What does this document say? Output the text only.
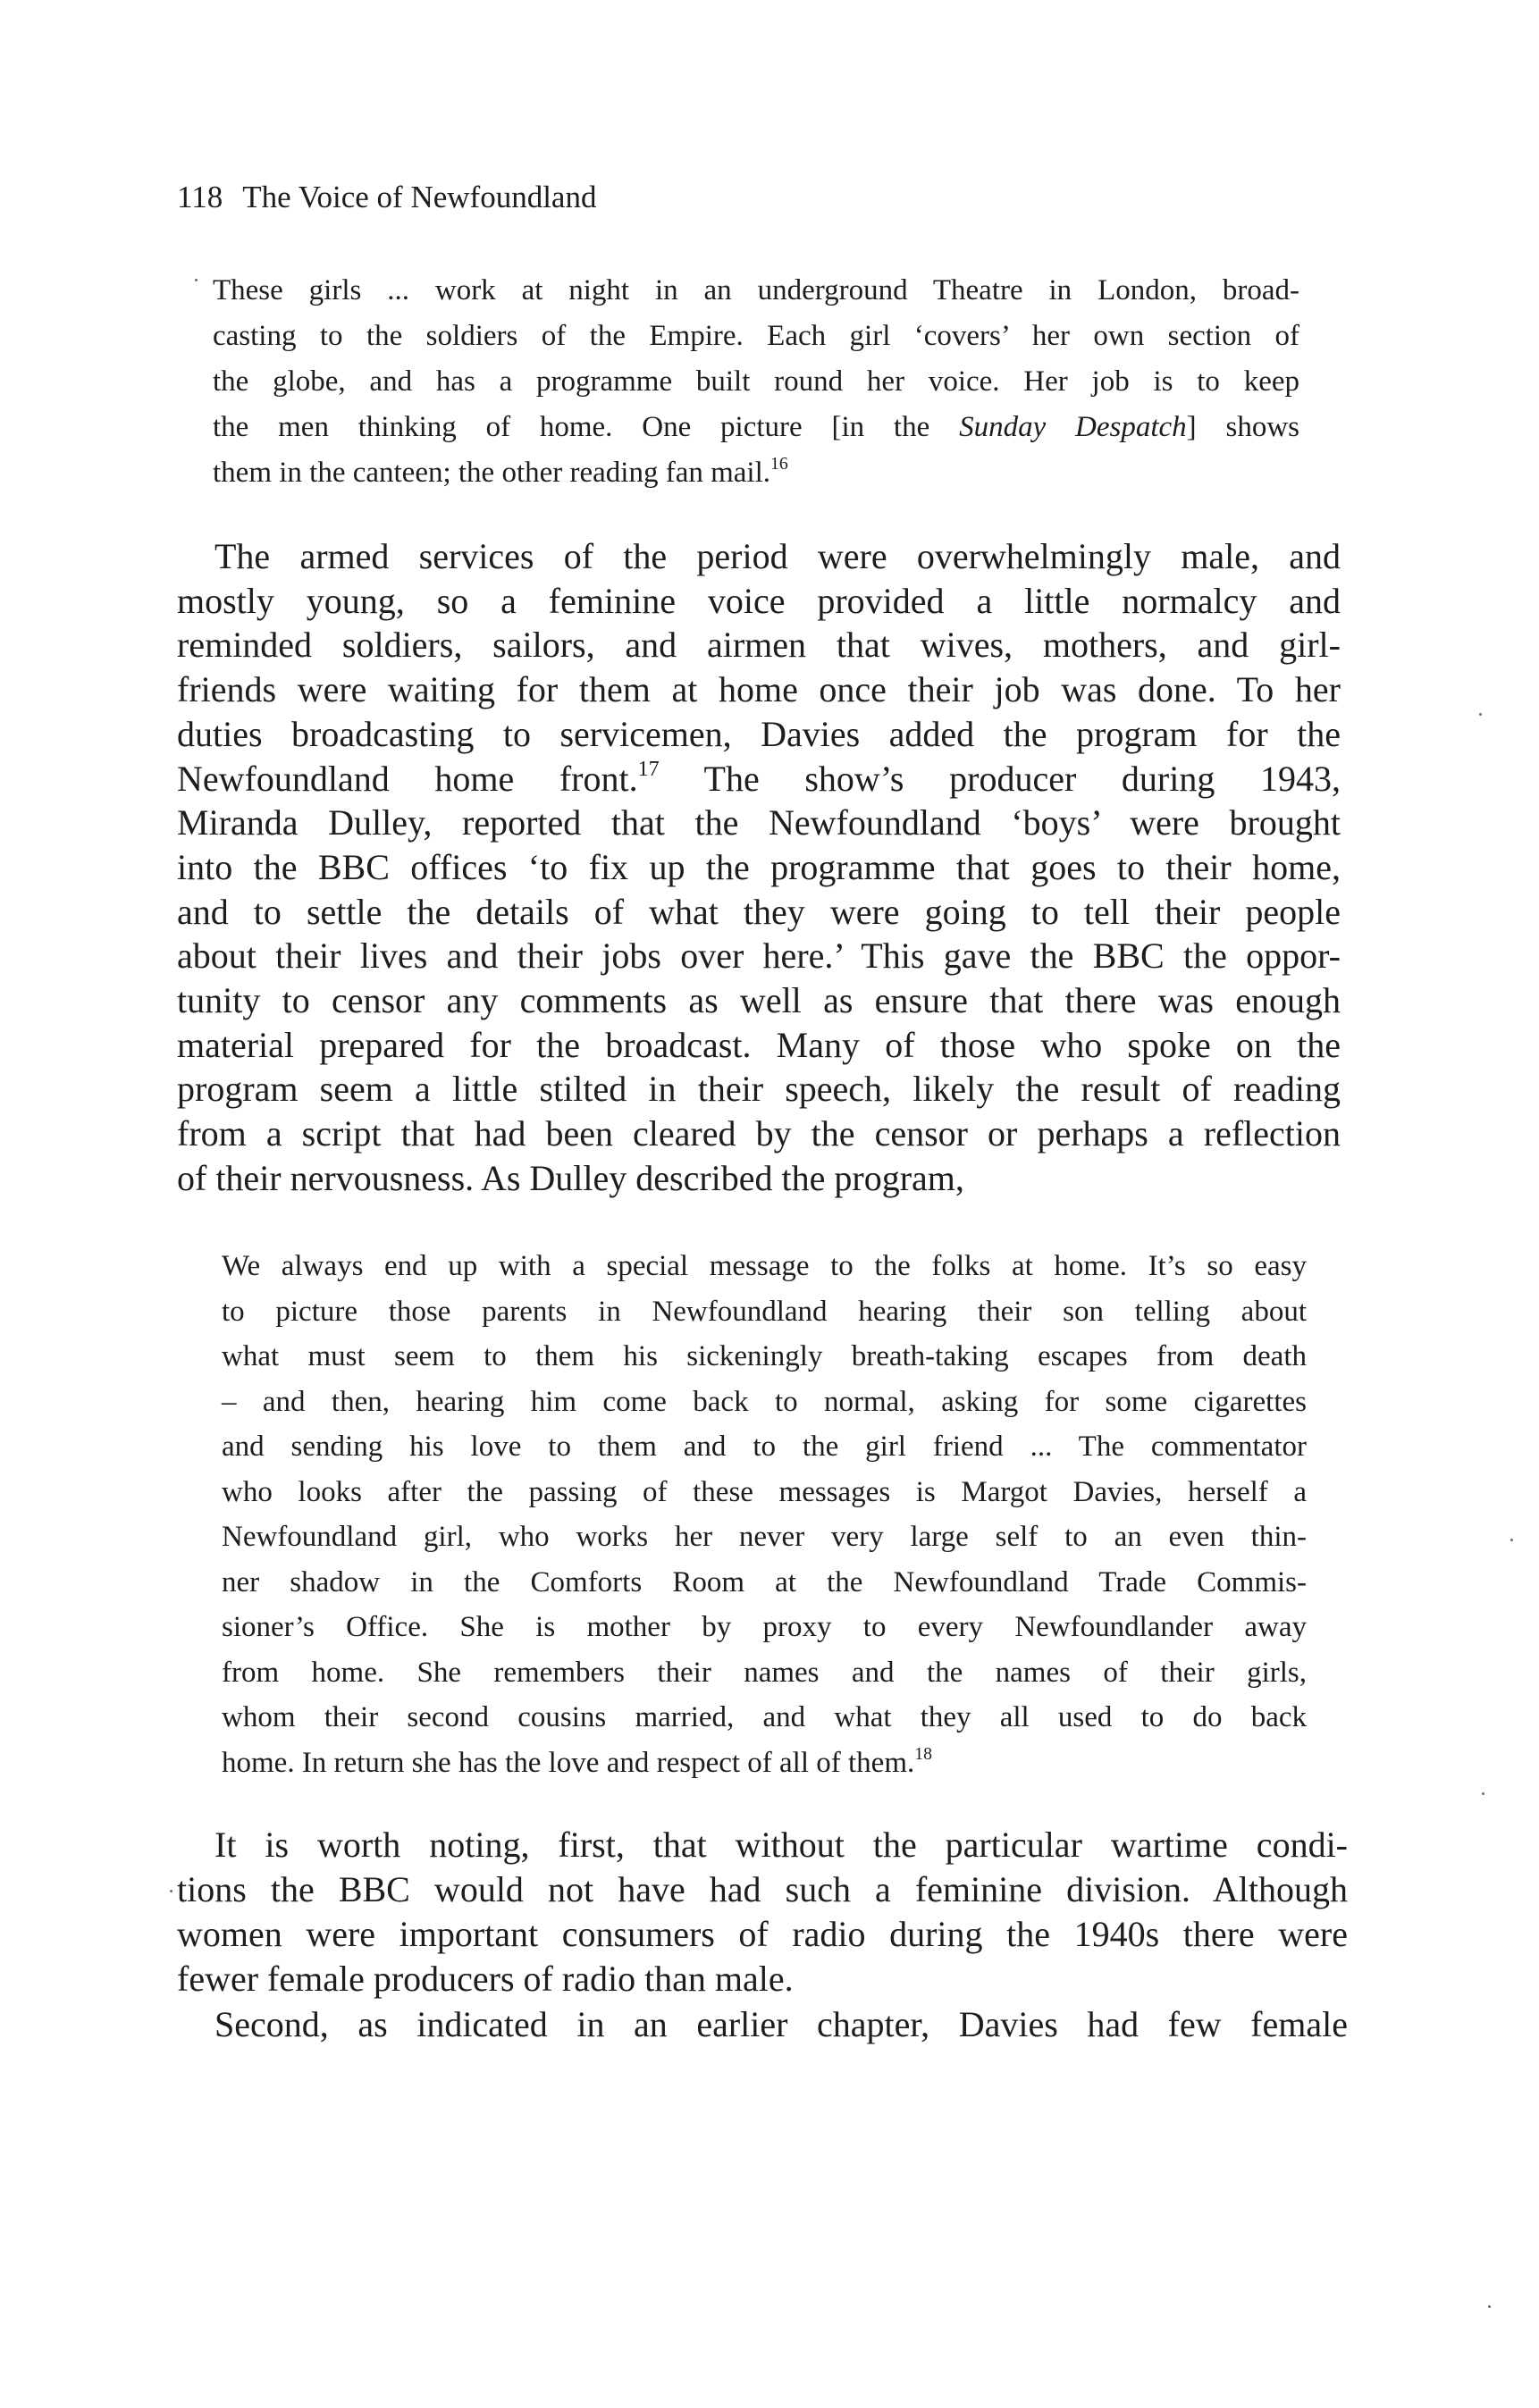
118 The Voice of Newfoundland
These girls ... work at night in an underground Theatre in London, broad-
casting to the soldiers of the Empire. Each girl ‘covers’ her own section of
the globe, and has a programme built round her voice. Her job is to keep
the men thinking of home. One picture [in the Sunday Despatch] shows
them in the canteen; the other reading fan mail.$^{16}$
The armed services of the period were overwhelmingly male, and
mostly young, so a feminine voice provided a little normalcy and
reminded soldiers, sailors, and airmen that wives, mothers, and girl-
friends were waiting for them at home once their job was done. To her
duties broadcasting to servicemen, Davies added the program for the
Newfoundland home front.$^{17}$ The show’s producer during 1943,
Miranda Dulley, reported that the Newfoundland ‘boys’ were brought
into the BBC offices ‘to fix up the programme that goes to their home,
and to settle the details of what they were going to tell their people
about their lives and their jobs over here.’ This gave the BBC the oppor-
tunity to censor any comments as well as ensure that there was enough
material prepared for the broadcast. Many of those who spoke on the
program seem a little stilted in their speech, likely the result of reading
from a script that had been cleared by the censor or perhaps a reflection
of their nervousness. As Dulley described the program,
We always end up with a special message to the folks at home. It’s so easy
to picture those parents in Newfoundland hearing their son telling about
what must seem to them his sickeningly breath-taking escapes from death
– and then, hearing him come back to normal, asking for some cigarettes
and sending his love to them and to the girl friend ... The commentator
who looks after the passing of these messages is Margot Davies, herself a
Newfoundland girl, who works her never very large self to an even thin-
ner shadow in the Comforts Room at the Newfoundland Trade Commis-
sioner’s Office. She is mother by proxy to every Newfoundlander away
from home. She remembers their names and the names of their girls,
whom their second cousins married, and what they all used to do back
home. In return she has the love and respect of all of them.$^{18}$
It is worth noting, first, that without the particular wartime condi-
tions the BBC would not have had such a feminine division. Although
women were important consumers of radio during the 1940s there were
fewer female producers of radio than male.
Second, as indicated in an earlier chapter, Davies had few female
